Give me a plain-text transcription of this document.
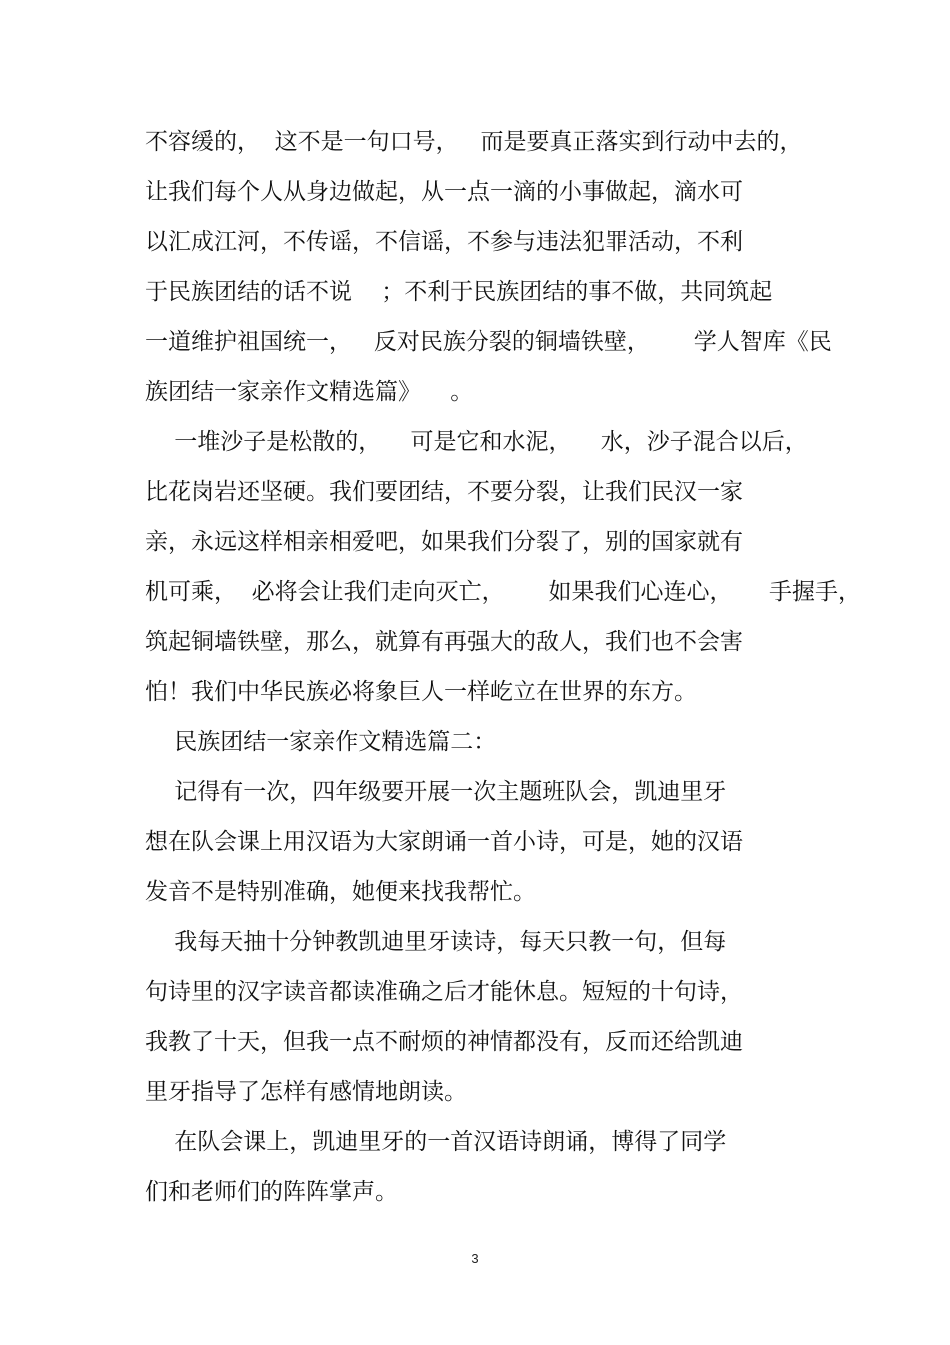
不容缓的，  这不是一句口号，   而是要真正落实到行动中去的，

让我们每个人从身边做起，从一点一滴的小事做起，滴水可

以汇成江河，不传谣，不信谣，不参与违法犯罪活动，不利

于民族团结的话不说    ；不利于民族团结的事不做，共同筑起

一道维护祖国统一，   反对民族分裂的铜墙铁壁，      学人智库《民

族团结一家亲作文精选篇》    。

一堆沙子是松散的，    可是它和水泥，    水，沙子混合以后，

比花岗岩还坚硬。我们要团结，不要分裂，让我们民汉一家

亲，永远这样相亲相爱吧，如果我们分裂了，别的国家就有

机可乘，  必将会让我们走向灭亡，      如果我们心连心，     手握手，

筑起铜墙铁壁，那么，就算有再强大的敌人，我们也不会害

怕！我们中华民族必将象巨人一样屹立在世界的东方。

民族团结一家亲作文精选篇二：

记得有一次，四年级要开展一次主题班队会，凯迪里牙

想在队会课上用汉语为大家朗诵一首小诗，可是，她的汉语

发音不是特别准确，她便来找我帮忙。

我每天抽十分钟教凯迪里牙读诗，每天只教一句，但每

句诗里的汉字读音都读准确之后才能休息。短短的十句诗，

我教了十天，但我一点不耐烦的神情都没有，反而还给凯迪

里牙指导了怎样有感情地朗读。

在队会课上，凯迪里牙的一首汉语诗朗诵，博得了同学

们和老师们的阵阵掌声。

3
